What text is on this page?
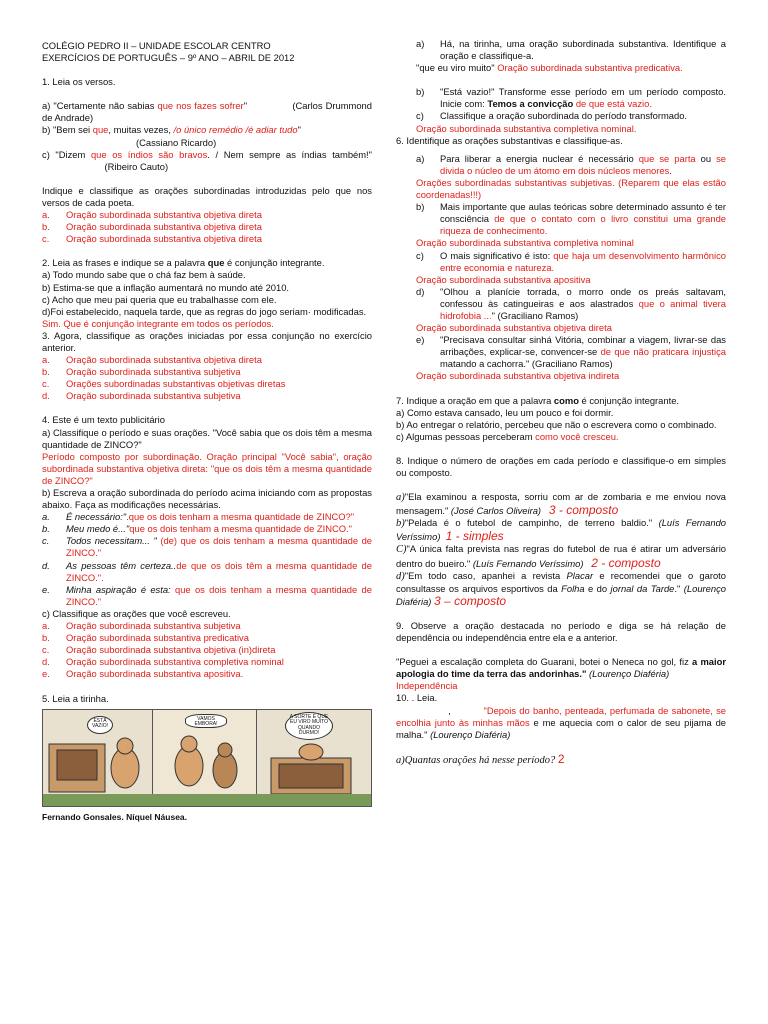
COLÉGIO PEDRO II – UNIDADE ESCOLAR CENTRO

EXERCÍCIOS DE PORTUGUÊS – 9º ANO – ABRIL DE 2012

1. Leia os versos.

a) "Certamente não sabias que nos fazes sofrer"	(Carlos Drummond de Andrade)

b) "Bem sei que, muitas vezes, /o único remédio /é adiar tudo"

(Cassiano Ricardo)

c) "Dizem que os índios são bravos. / Nem sempre as índias também!"                         (Ribeiro Cauto)

Indique e classifique as orações subordinadas introduzidas pelo que nos versos de cada poeta.

a.	Oração subordinada substantiva objetiva direta
b.	Oração subordinada substantiva objetiva direta
c.	Oração subordinada substantiva objetiva direta

2. Leia as frases e indique se a palavra que é conjunção integrante.

a) Todo mundo sabe que o chá faz bem à saúde.

b) Estima-se que a inflação aumentará no mundo até 2010.

c) Acho que meu pai queria que eu trabalhasse com ele.

d)Foi estabelecido, naquela tarde, que as regras do jogo seriam· modificadas.

Sim. Que é conjunção integrante em todos os períodos.

3. Agora, classifique as orações iniciadas por essa conjunção no exercício anterior.

a.	Oração subordinada substantiva objetiva direta
b.	Oração subordinada substantiva subjetiva
c.	Orações subordinadas substantivas objetivas diretas
d.	Oração subordinada substantiva subjetiva

4. Este é um texto publicitário

a) Classifique o período e suas orações. "Você sabia que os dois têm a mesma quantidade de ZINCO?"

Período composto por subordinação. Oração principal "Você sabia", oração subordinada substantiva objetiva direta: "que os dois têm a mesma quantidade de ZINCO?"

b) Escreva a oração subordinada do período acima iniciando com as propostas abaixo. Faça as modificações necessárias.

a.	É necessário:".que os dois tenham a mesma quantidade de ZINCO?"
b.	Meu medo é..."que os dois tenham a mesma quantidade de ZINCO."
c.	Todos necessitam... " (de) que os dois tenham a mesma quantidade de ZINCO."
d.	As pessoas têm certeza..de que os dois têm a mesma quantidade de ZINCO.".
e.	Minha aspiração é esta: que os dois tenham a mesma quantidade de ZINCO."

c) Classifique as orações que você escreveu.

a.	Oração subordinada substantiva subjetiva
b.	Oração subordinada substantiva predicativa
c.	Oração subordinada substantiva objetiva (in)direta
d.	Oração subordinada substantiva completiva nominal
e.	Oração subordinada substantiva apositiva.

5. Leia a tirinha.

ESTÁ VAZIO!
VAMOS EMBORA!
A SORTE É QUE EU VIRO MUITO QUANDO DURMO!

Fernando Gonsales. Níquel Náusea.

a)	Há, na tirinha, uma oração subordinada substantiva. Identifique a oração e classifique-a.

"que eu viro muito" Oração subordinada substantiva predicativa.

b)	"Está vazio!" Transforme esse período em um período composto. Inicie com: Temos a convicção de que está vazio.
c)	Classifique a oração subordinada do período transformado.

Oração subordinada substantiva completiva nominal.

6. Identifique as orações substantivas e classifique-as.

a)	Para liberar a energia nuclear é necessário que se parta ou se divida o núcleo de um átomo em dois núcleos menores.

Orações subordinadas substantivas subjetivas. (Reparem que elas estão coordenadas!!!)

b)	Mais importante que aulas teóricas sobre determinado assunto é ter consciência de que o contato com o livro constitui uma grande riqueza de conhecimento.

Oração subordinada substantiva completiva nominal

c)	O mais significativo é isto: que haja um desenvolvimento harmônico entre economia e natureza.

Oração subordinada substantiva apositiva

d)	"Olhou a planície torrada, o morro onde os preás saltavam, confessou às catingueiras e aos alastrados que o animal tivera hidrofobia ..." (Graciliano Ramos)

Oração subordinada substantiva objetiva direta

e)	"Precisava consultar sinhá Vitória, combinar a viagem, livrar-se das arribações, explicar-se, convencer-se de que não praticara injustiça matando a cachorra." (Graciliano Ramos)

Oração subordinada substantiva objetiva indireta

7. Indique a oração em que a palavra como é conjunção integrante.

a) Como estava cansado, leu um pouco e foi dormir.

b) Ao entregar o relatório, percebeu que não o escrevera como o combinado.

c) Algumas pessoas perceberam como você cresceu.

8. Indique o número de orações em cada período e classifique-o em simples ou composto.

a)"Ela examinou a resposta, sorriu com ar de zombaria e me enviou nova mensagem." (José Carlos Oliveira) 3 - composto

b)"Pelada é o futebol de campinho, de terreno baldio." (Luís Fernando Veríssimo) 1 - simples

C)"A única falta prevista nas regras do futebol de rua é atirar um adversário dentro do bueiro." (Luís Fernando Veríssimo) 2 - composto

d)"Em todo caso, apanhei a revista Placar e recomendei que o garoto consultasse os arquivos esportivos da Folha e do jornal da Tarde." (Lourenço Diaféria) 3 – composto

9. Observe a oração destacada no período e diga se há relação de dependência ou independência entre ela e a anterior.

"Peguei a escalação completa do Guarani, botei o Neneca no gol, fiz a maior apologia do time da terra das andorinhas." (Lourenço Diaféria)

Independência

10. . Leia.

,	"Depois do banho, penteada, perfumada de sabonete, se encolhia junto às minhas mãos e me aquecia com o calor de seu pijama de malha." (Lourenço Diaféria)

a)Quantas orações há nesse período? 2
